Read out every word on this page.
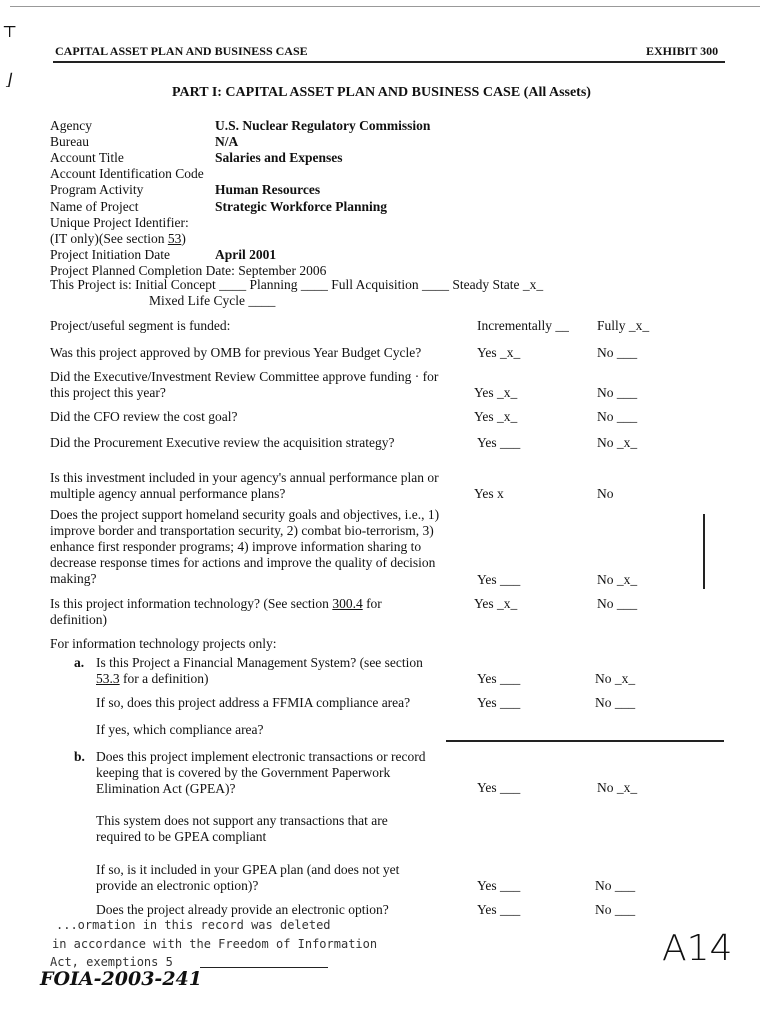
⊤
⌋
CAPITAL ASSET PLAN AND BUSINESS CASE	EXHIBIT 300
PART I: CAPITAL ASSET PLAN AND BUSINESS CASE (All Assets)
Agency	U.S. Nuclear Regulatory Commission
Bureau	N/A
Account Title	Salaries and Expenses
Account Identification Code
Program Activity	Human Resources
Name of Project	Strategic Workforce Planning
Unique Project Identifier:
(IT only)(See section 53)
Project Initiation Date	April 2001
Project Planned Completion Date: September 2006
This Project is: Initial Concept ____ Planning ____ Full Acquisition ____ Steady State _x_
Mixed Life Cycle ____
Project/useful segment is funded:	Incrementally __ Fully _x_
Was this project approved by OMB for previous Year Budget Cycle?	Yes _x_	No ___
Did the Executive/Investment Review Committee approve funding · for this project this year?	Yes _x_	No ___
Did the CFO review the cost goal?	Yes _x_	No ___
Did the Procurement Executive review the acquisition strategy?	Yes ___	No _x_
Is this investment included in your agency's annual performance plan or multiple agency annual performance plans?	Yes x	No
Does the project support homeland security goals and objectives, i.e., 1) improve border and transportation security, 2) combat bio-terrorism, 3) enhance first responder programs; 4) improve information sharing to decrease response times for actions and improve the quality of decision making?	Yes ___	No _x_
Is this project information technology? (See section 300.4 for definition)
Yes _x_	No ___
For information technology projects only:
a. Is this Project a Financial Management System? (see section 53.3 for a definition)	Yes ___	No _x_
If so, does this project address a FFMIA compliance area?	Yes ___	No ___
If yes, which compliance area?
b. Does this project implement electronic transactions or record keeping that is covered by the Government Paperwork Elimination Act (GPEA)?	Yes ___	No _x_
This system does not support any transactions that are required to be GPEA compliant
If so, is it included in your GPEA plan (and does not yet provide an electronic option)?	Yes ___	No ___
Does the project already provide an electronic option?	Yes ___	No ___
...ormation in this record was deleted
in accordance with the Freedom of Information
Act, exemptions 5
FOIA-2003-241
A14
